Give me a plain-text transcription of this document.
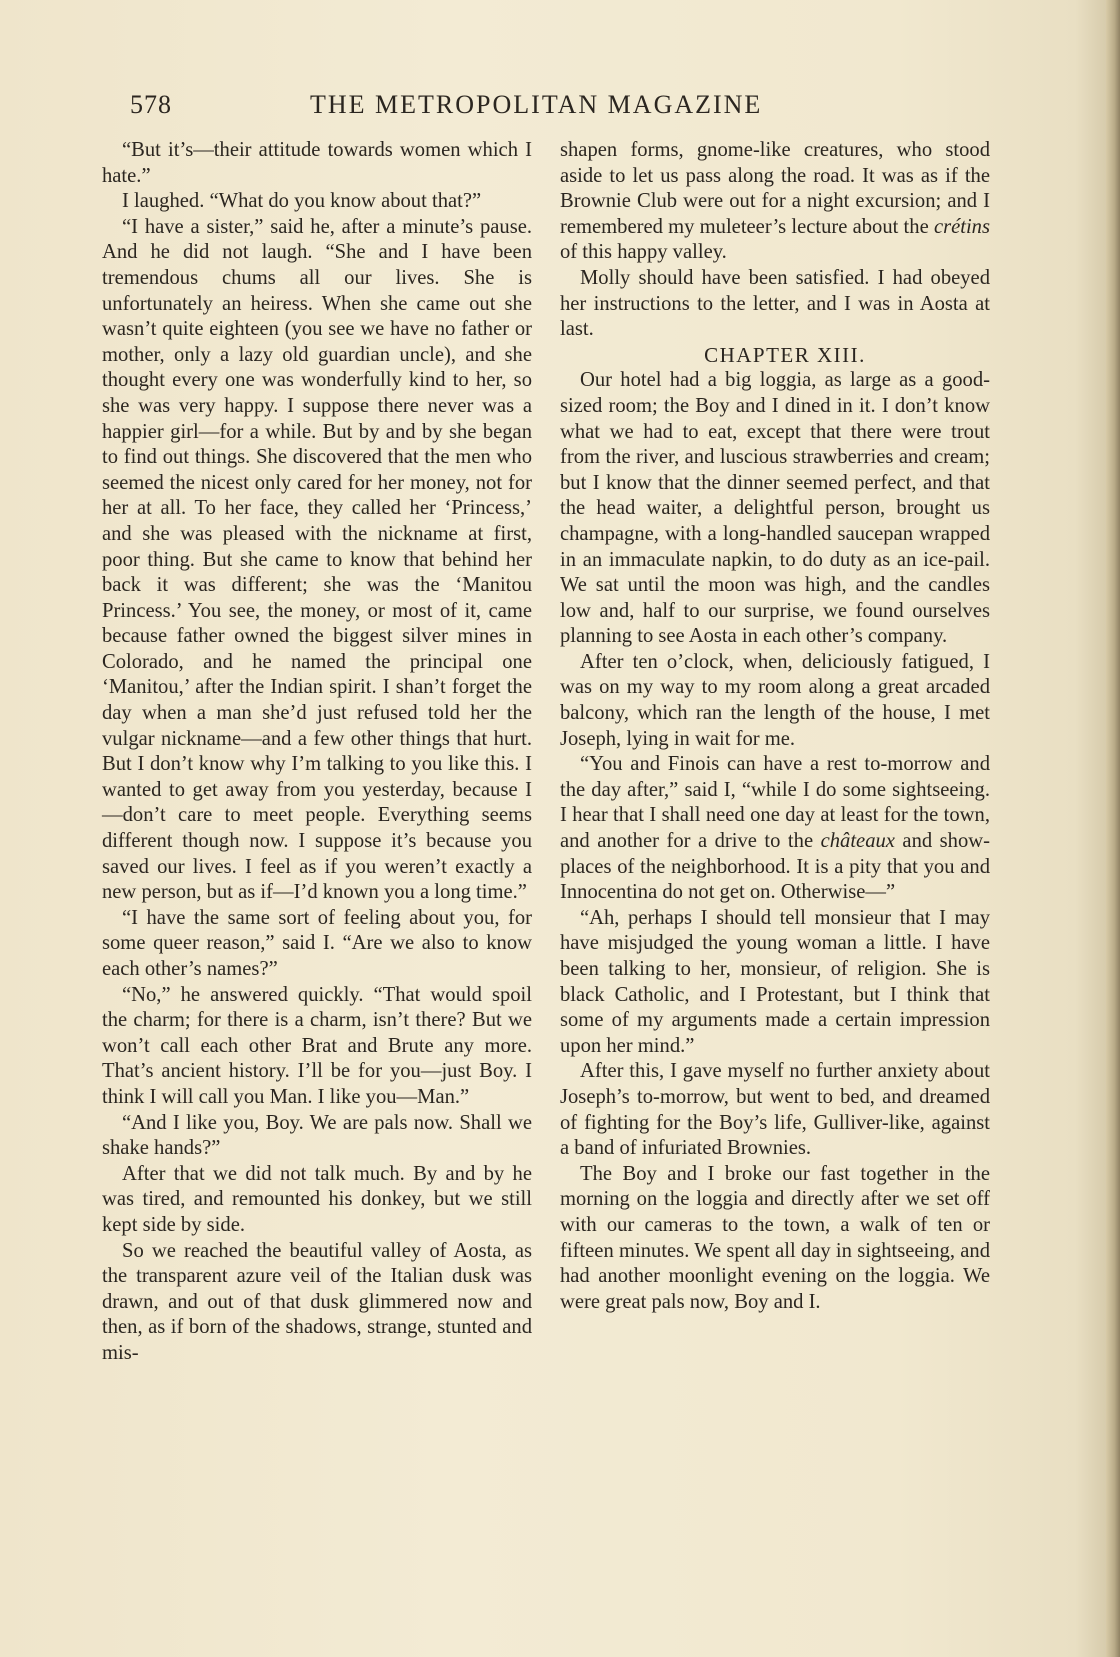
578	THE METROPOLITAN MAGAZINE

“But it’s—their attitude towards women which I hate.”

I laughed. “What do you know about that?”

“I have a sister,” said he, after a minute’s pause. And he did not laugh. “She and I have been tremendous chums all our lives. She is unfortunately an heiress. When she came out she wasn’t quite eighteen (you see we have no father or mother, only a lazy old guardian uncle), and she thought every one was wonderfully kind to her, so she was very happy. I suppose there never was a happier girl—for a while. But by and by she began to find out things. She discovered that the men who seemed the nicest only cared for her money, not for her at all. To her face, they called her ‘Princess,’ and she was pleased with the nickname at first, poor thing. But she came to know that behind her back it was different; she was the ‘Manitou Princess.’ You see, the money, or most of it, came because father owned the biggest silver mines in Colorado, and he named the principal one ‘Manitou,’ after the Indian spirit. I shan’t forget the day when a man she’d just refused told her the vulgar nickname—and a few other things that hurt. But I don’t know why I’m talking to you like this. I wanted to get away from you yesterday, because I—don’t care to meet people. Everything seems different though now. I suppose it’s because you saved our lives. I feel as if you weren’t exactly a new person, but as if—I’d known you a long time.”

“I have the same sort of feeling about you, for some queer reason,” said I. “Are we also to know each other’s names?”

“No,” he answered quickly. “That would spoil the charm; for there is a charm, isn’t there? But we won’t call each other Brat and Brute any more. That’s ancient history. I’ll be for you—just Boy. I think I will call you Man. I like you—Man.”

“And I like you, Boy. We are pals now. Shall we shake hands?”

After that we did not talk much. By and by he was tired, and remounted his donkey, but we still kept side by side.

So we reached the beautiful valley of Aosta, as the transparent azure veil of the Italian dusk was drawn, and out of that dusk glimmered now and then, as if born of the shadows, strange, stunted and mis-

shapen forms, gnome-like creatures, who stood aside to let us pass along the road. It was as if the Brownie Club were out for a night excursion; and I remembered my muleteer’s lecture about the crétins of this happy valley.

Molly should have been satisfied. I had obeyed her instructions to the letter, and I was in Aosta at last.

CHAPTER XIII.

Our hotel had a big loggia, as large as a good-sized room; the Boy and I dined in it. I don’t know what we had to eat, except that there were trout from the river, and luscious strawberries and cream; but I know that the dinner seemed perfect, and that the head waiter, a delightful person, brought us champagne, with a long-handled saucepan wrapped in an immaculate napkin, to do duty as an ice-pail. We sat until the moon was high, and the candles low and, half to our surprise, we found ourselves planning to see Aosta in each other’s company.

After ten o’clock, when, deliciously fatigued, I was on my way to my room along a great arcaded balcony, which ran the length of the house, I met Joseph, lying in wait for me.

“You and Finois can have a rest to-morrow and the day after,” said I, “while I do some sightseeing. I hear that I shall need one day at least for the town, and another for a drive to the châteaux and show-places of the neighborhood. It is a pity that you and Innocentina do not get on. Otherwise—”

“Ah, perhaps I should tell monsieur that I may have misjudged the young woman a little. I have been talking to her, monsieur, of religion. She is black Catholic, and I Protestant, but I think that some of my arguments made a certain impression upon her mind.”

After this, I gave myself no further anxiety about Joseph’s to-morrow, but went to bed, and dreamed of fighting for the Boy’s life, Gulliver-like, against a band of infuriated Brownies.

The Boy and I broke our fast together in the morning on the loggia and directly after we set off with our cameras to the town, a walk of ten or fifteen minutes. We spent all day in sightseeing, and had another moonlight evening on the loggia. We were great pals now, Boy and I.
